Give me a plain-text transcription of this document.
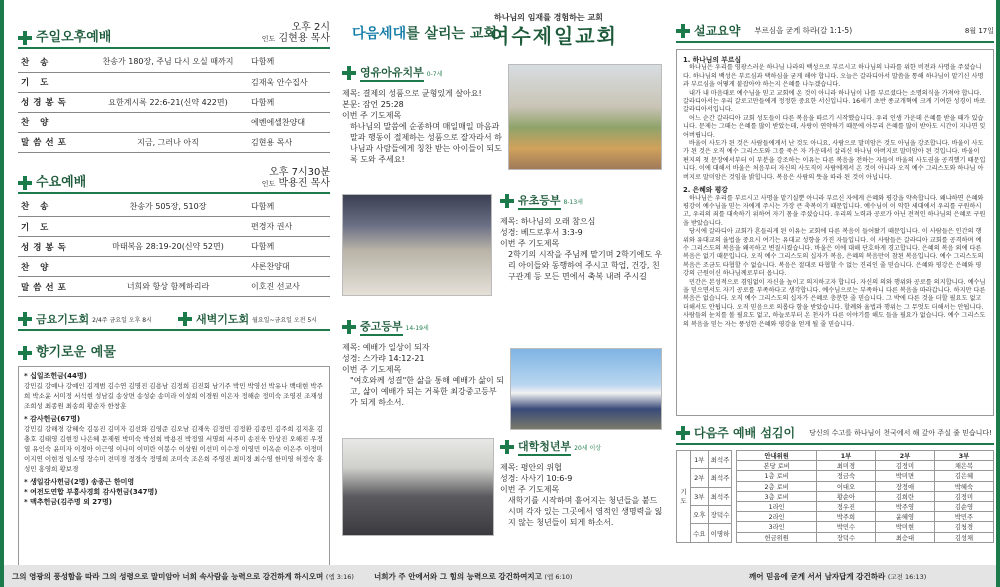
주일오후예배
오후 2시
인도 김현용 목사
찬 송	찬송가 180장, 주님 다시 오실 때까지	다함께
기 도		김재욱 안수집사
성경봉독	요한계시록 22:6-21(신약 422면)	다함께
찬 양		에벤에셀찬양대
말씀선포	지금, 그러나 아직	김현용 목사
수요예배
오후 7시30분
인도 박용진 목사
찬 송	찬송가 505장, 510장	다함께
기 도		편경자 권사
성경봉독	마태복음 28:19-20(신약 52면)	다함께
찬 양		샤론찬양대
말씀선포	너희와 항상 함께하리라	이호진 선교사
금요기도회 2/4주 금요일 오후 8시	새벽기도회 월요일~금요일 오전 5시
향기로운 예물
* 십일조헌금(44명)
강민길 강예나 강예인 김계범 김수연 김명진 김용남 김정희 김진회 남기주 박민 박영선 박유나 백대현 박주희 박소윤 서미정 서석현 성남길 송상면 송성순 송미라 이성희 이경원 이은자 정해순 정미숙 조영진 조재성 조희성 최종원 최송희 황순자 한창훈
* 감사헌금(67명)
강민길 강해경 강혜숙 김동진 김미자 김선화 김영준 김오남 김재욱 김정민 김정환 김종민 김주희 김지훈 김충호 김태영 김현정 나은혜 문제원 박미숙 박선희 박용진 박정열 서명희 서주미 송진욱 안상진 오해진 우정열 유인숙 윤미자 이경아 이근영 이나미 이미란 이봉수 이상원 이선미 이수정 이영민 이옥순 이은주 이정미 이지연 이현정 임소영 장수미 전미경 정경숙 정명희 조미숙 조은희 주영진 최미경 최수영 한미영 허정숙 홍성민 홍영희 황보경
* 생일감사헌금(2명) 송종근 한미영
* 여전도연합 부흥사경회 감사헌금(347명)
* 맥추헌금(김주명 외 27명)
하나님의 임재를 경험하는 교회
다음세대를 살리는 교회
여수제일교회
영유아유치부 0-7세
제목: 결제의 성품으로 균형있게 살아요!
본문: 잠언 25:28
이번 주 기도제목
하나님의 말씀에 순종하며 매일매일 마음과 말과 행동이 절제하는 성품으로 잘자라서 하나님과 사람들에게 칭찬 받는 아이들이 되도록 도와 주세요!
유초등부 8-13세
제목: 하나님의 오래 참으심
성경: 베드로후서 3:3-9
이번 주 기도제목
2학기의 시작을 주님께 맡기며 2학기에도 우리 아이들와 동행하여 주시고 학업, 건강, 친구관계 등 모든 면에서 축복 내려 주시길
중고등부 14-19세
제목: 예배가 일상이 되자
성경: 스가랴 14:12-21
이번 주 기도제목
"여호와께 성결"한 삶을 통해 예배가 삶이 되고, 삶이 예배가 되는 거룩한 최강중고등부가 되게 하소서.
대학청년부 20세 이상
제목: 평안의 위협
성경: 사사기 10:6-9
이번 주 기도제목
새학기를 시작하며 흩어지는 청년들을 붙드시며 각자 있는 그곳에서 영적인 생명력을 잃지 않는 청년들이 되게 하소서.
설교요약 부르심을 굳게 하라(갈 1:1-5)	8월 17일
1. 하나님의 부르심

하나님은 우리를 영광스러운 하나님 나라의 백성으로 부르시고 하나님의 나라를 위한 비전과 사명을 주셨습니다. 하나님의 백성은 부르심과 택하심을 굳게 해야 합니다. 오늘은 갈라디아서 말씀을 통해 하나님이 맡기신 사명과 부르심을 어떻게 붙잡아야 하는지 은혜를 나누겠습니다.

내가 내 마음대로 예수님을 믿고 교회에 온 것이 아니라 하나님이 나를 부르셨다는 소명의식을 가져야 합니다. 갈라디아서는 우리 갈로고만들에게 정정한 중요한 서신입니다. 16세기 초반 종교개혁에 크게 기여한 성경이 바로 갈라디아서입니다.

어느 순간 갈라디아 교회 성도들이 다른 복음을 따르기 시작했습니다. 우리 인생 가운데 은혜를 받을 때가 있습니다. 문제는 그때는 은혜를 많이 받았는데, 사랑이 연약하기 때문에 아무리 은혜를 많이 받아도 시간이 지나면 잊어버립니다.

바울이 사도가 된 것은 사람들에게서 난 것도 아니요, 사람으로 말미암은 것도 아님을 강조합니다. 바울이 사도가 된 것은 오직 예수 그리스도와 그를 죽은 자 가운데서 살리신 하나님 아버지로 말미암아 된 것입니다. 바울이 편지의 첫 문장에서부터 이 부분을 강조하는 이유는 다른 복음을 전하는 자들이 바울의 사도권을 공격했기 때문입니다. 이에 대해서 바울은 처음부터 자신의 사도직이 사람에게서 온 것이 아니라 오직 예수 그리스도와 하나님 아버지로 말미암은 것임을 밝힙니다. 복음은 사람의 뜻을 따라 된 것이 아닙니다.

2. 은혜와 평강

하나님은 우리를 부르시고 사명을 맡기실뿐 아니라 부르신 자에게 은혜와 평강을 약속합니다. 왜냐하면 은혜와 평강이 예수님을 믿는 자에게 주시는 가장 큰 축복이기 때문입니다. 예수님이 이 악한 세대에서 우리를 구원하시고, 우리의 죄를 대속하기 위하여 자기 몸을 주셨습니다. 우리의 노력과 공로가 아닌 전적인 하나님의 은혜로 구원을 받았습니다.

당시에 갈라디아 교회가 흔들리게 된 이유는 교회에 다른 복음이 들어왔기 때문입니다. 이 사람들은 인간의 행위와 유대교의 율법을 중요시 여기는 유대교 성향을 가진 자들입니다. 이 사람들은 갈라디아 교회를 공격하며 예수 그리스도의 복음을 왜곡하고 변질시켰습니다. 바울은 이에 대해 단호하게 경고합니다. 은혜의 복음 외에 다른 복음은 없기 때문입니다. 오직 예수 그리스도의 십자가 복음, 은혜의 복음만이 참된 복음입니다. 예수 그리스도의 복음은 조금도 타협할 수 없습니다. 복음은 절대로 타협할 수 없는 진리인 줄 믿습니다. 은혜와 평강은 은혜와 평강의 근원이신 하나님께로부터 옵니다.

민간은 본성적으로 겸임없이 자신을 높이고 의지하고자 합니다. 자신의 의와 행위와 공로를 의지합니다. 예수님을 믿으면서도 자기 공로를 부족하다고 생각합니다. 예수님으로는 부족하니 다른 복음을 따라갑니다. 하지만 다른 복음은 없습니다. 오직 예수 그리스도의 십자가 은혜로 충분한 줄 믿습니다. 그 박에 다른 것을 더할 필요도 없고 더해서도 안됩니다. 오직 믿음으로 의롭다 함을 받았습니다. 할례와 율법과 행위는 그 무엇도 더해서는 안됩니다. 사람들의 눈치를 볼 필요도 없고, 하늘로부터 온 천사가 다른 이야기를 해도 들을 필요가 없습니다. 예수 그리스도의 복음을 믿는 자는 풍성한 은혜와 평강을 얻게 될 줄 믿습니다.

다음주 예배 섬김이 당신의 수고를 하나님이 천국에서 해 갚아 주실 줄 믿습니다!
기도	1부	최석주
	2부	최석주
	3부	최석주
	오후	장덕수
	수요	이명하
안내위원	1부	2부	3부
본당 로비	최미경	김정미	채은복
1층 로비	정금숙	박미면	김은혜
2층 로비	이대오	장정애	박혜숙
3층 로비	황순아	김희란	김정미
1라인	정우진	박주영	김순영
2라인	박주희	윤혜영	박민주
3라인	박민수	박미현	김청경
헌금위원	장덕수	최승대	김성채
그의 영광의 풍성함을 따라 그의 성령으로 말미암아 너희 속사람을 능력으로 강건하게 하시오며 (엡 3:16)	너희가 주 안에서와 그 힘의 능력으로 강건하여지고 (엡 6:10)	깨어 믿음에 굳게 서서 남자답게 강건하라 (고전 16:13)
